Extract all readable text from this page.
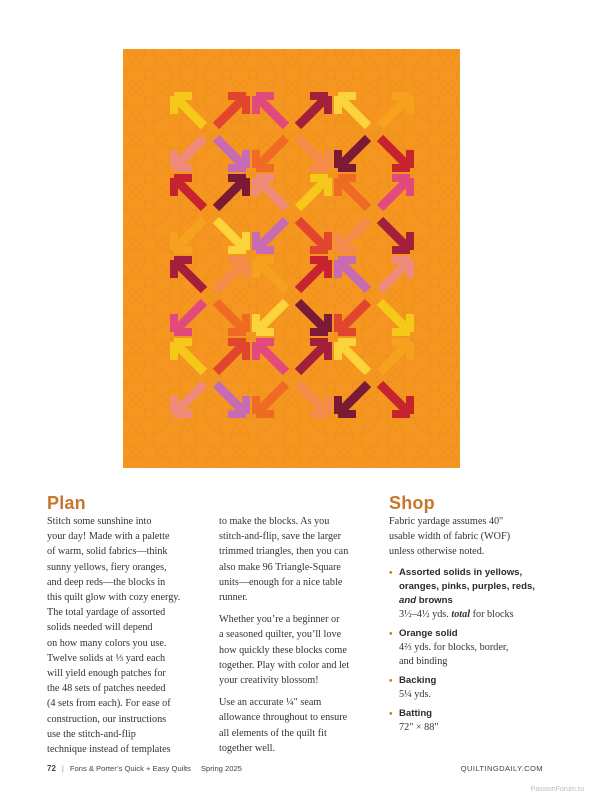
Plan

Stitch some sunshine into
your day! Made with a palette
of warm, solid fabrics—think
sunny yellows, fiery oranges,
and deep reds—the blocks in
this quilt glow with cozy energy.
The total yardage of assorted
solids needed will depend
on how many colors you use.
Twelve solids at ⅓ yard each
will yield enough patches for
the 48 sets of patches needed
(4 sets from each). For ease of
construction, our instructions
use the stitch-and-flip
technique instead of templates

to make the blocks. As you
stitch-and-flip, save the larger
trimmed triangles, then you can
also make 96 Triangle-Square
units—enough for a nice table
runner.

Whether you’re a beginner or
a seasoned quilter, you’ll love
how quickly these blocks come
together. Play with color and let
your creativity blossom!

Use an accurate ¼" seam
allowance throughout to ensure
all elements of the quilt fit
together well.

Shop
Fabric yardage assumes 40"
usable width of fabric (WOF)
unless otherwise noted.
• Assorted solids in yellows,
oranges, pinks, purples, reds,
and browns
3½–4½ yds. total for blocks
• Orange solid
4⅔ yds. for blocks, border,
and binding
• Backing
5¼ yds.
• Batting
72" × 88"
72 | Fons & Porter’s Quick + Easy Quilts Spring 2025	QUILTINGDAILY.COM
PassionForum.ru
